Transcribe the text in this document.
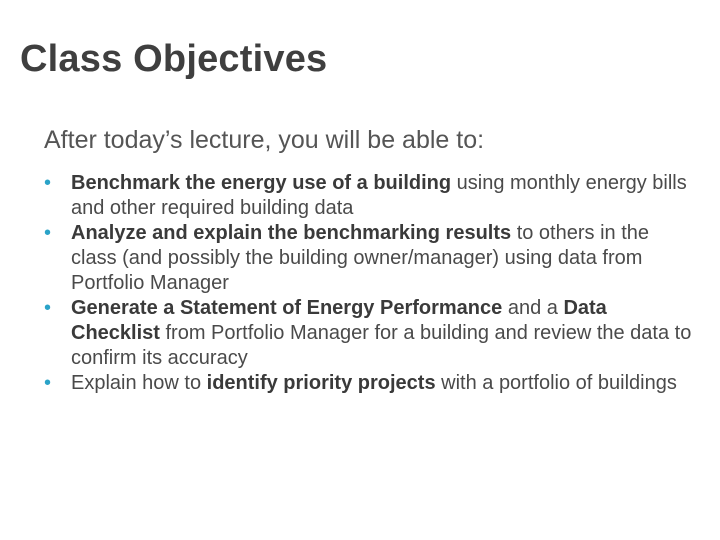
Class Objectives

After today’s lecture, you will be able to:

• Benchmark the energy use of a building using monthly energy bills and other required building data
• Analyze and explain the benchmarking results to others in the class (and possibly the building owner/manager) using data from Portfolio Manager
• Generate a Statement of Energy Performance and a Data Checklist from Portfolio Manager for a building and review the data to confirm its accuracy
• Explain how to identify priority projects with a portfolio of buildings
